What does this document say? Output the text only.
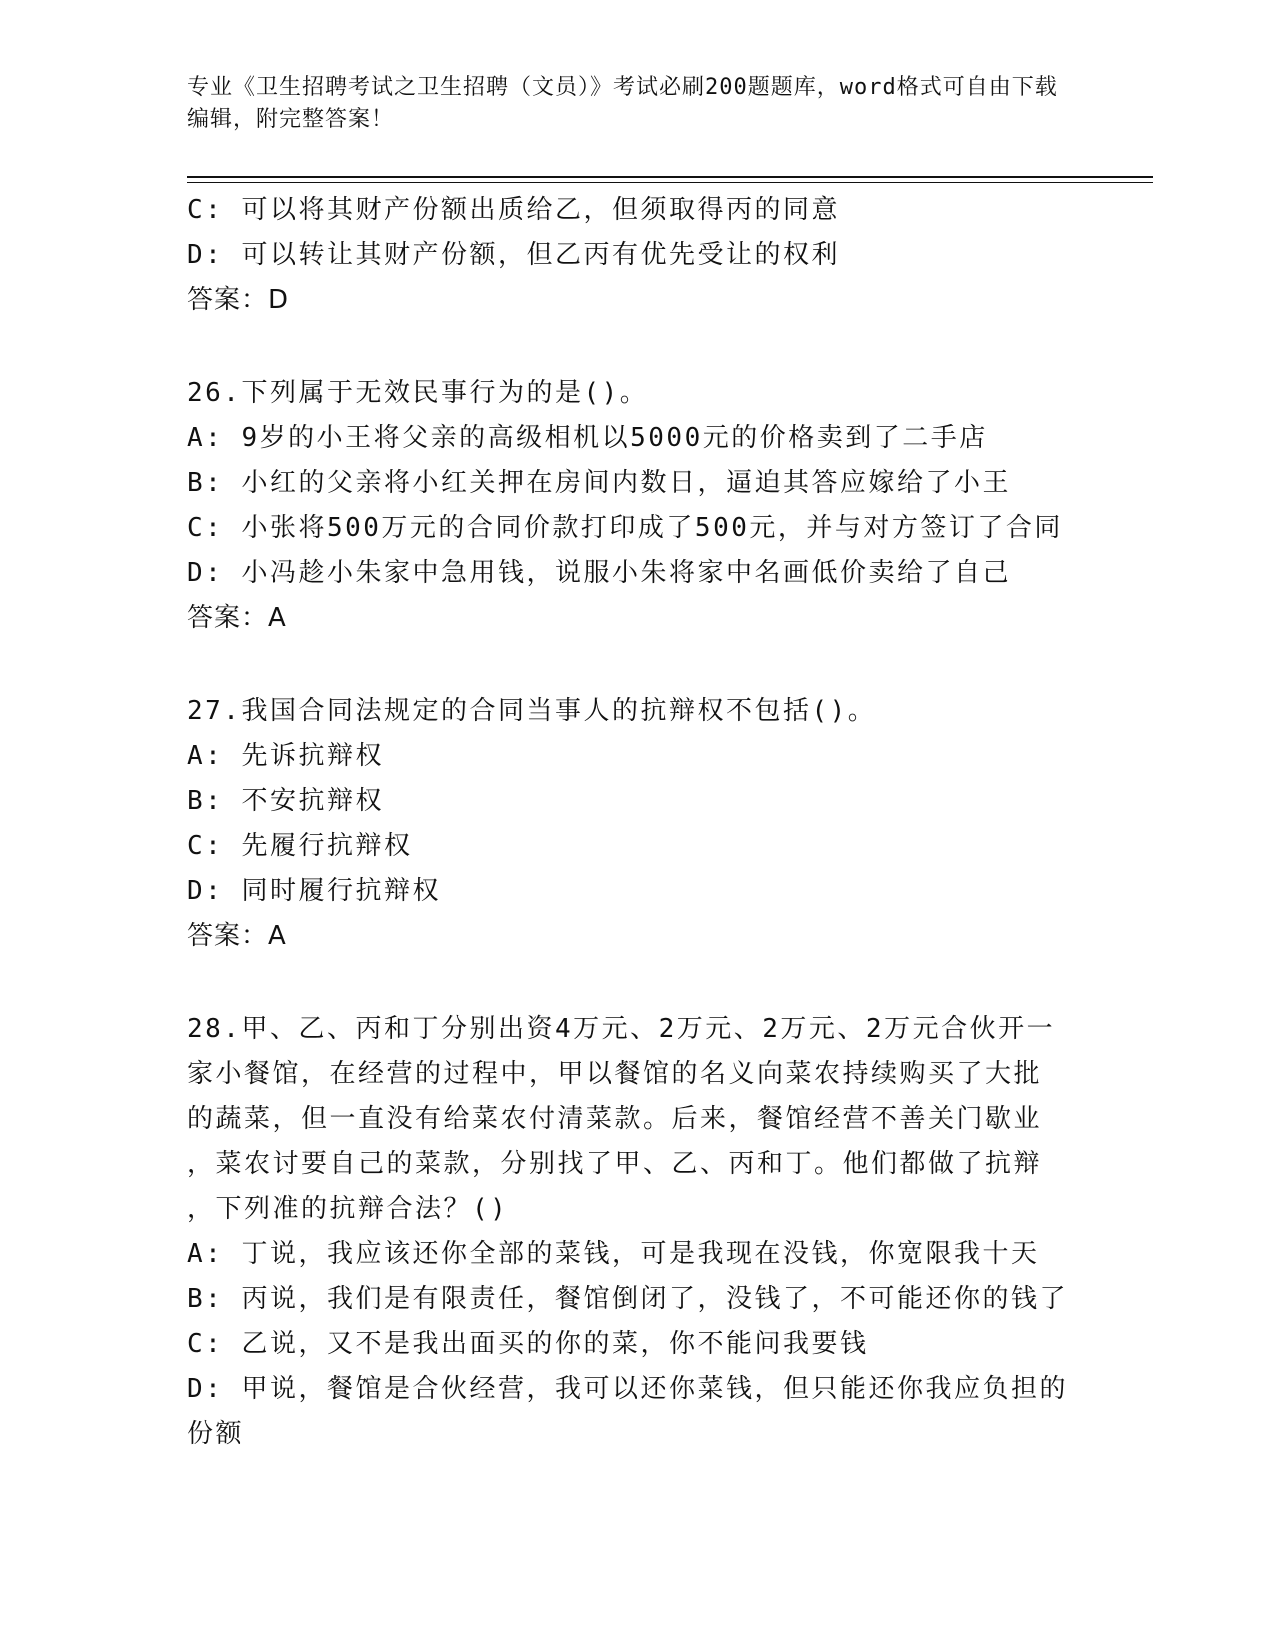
专业《卫生招聘考试之卫生招聘（文员）》考试必刷200题题库，word格式可自由下载编辑，附完整答案！
C: 可以将其财产份额出质给乙，但须取得丙的同意
D: 可以转让其财产份额，但乙丙有优先受让的权利
答案：D
26.下列属于无效民事行为的是()。
A: 9岁的小王将父亲的高级相机以5000元的价格卖到了二手店
B: 小红的父亲将小红关押在房间内数日，逼迫其答应嫁给了小王
C: 小张将500万元的合同价款打印成了500元，并与对方签订了合同
D: 小冯趁小朱家中急用钱，说服小朱将家中名画低价卖给了自己
答案：A
27.我国合同法规定的合同当事人的抗辩权不包括()。
A: 先诉抗辩权
B: 不安抗辩权
C: 先履行抗辩权
D: 同时履行抗辩权
答案：A
28.甲、乙、丙和丁分别出资4万元、2万元、2万元、2万元合伙开一
家小餐馆，在经营的过程中，甲以餐馆的名义向菜农持续购买了大批
的蔬菜，但一直没有给菜农付清菜款。后来，餐馆经营不善关门歇业
，菜农讨要自己的菜款，分别找了甲、乙、丙和丁。他们都做了抗辩
，下列准的抗辩合法？()
A: 丁说，我应该还你全部的菜钱，可是我现在没钱，你宽限我十天
B: 丙说，我们是有限责任，餐馆倒闭了，没钱了，不可能还你的钱了
C: 乙说，又不是我出面买的你的菜，你不能问我要钱
D: 甲说，餐馆是合伙经营，我可以还你菜钱，但只能还你我应负担的
份额
